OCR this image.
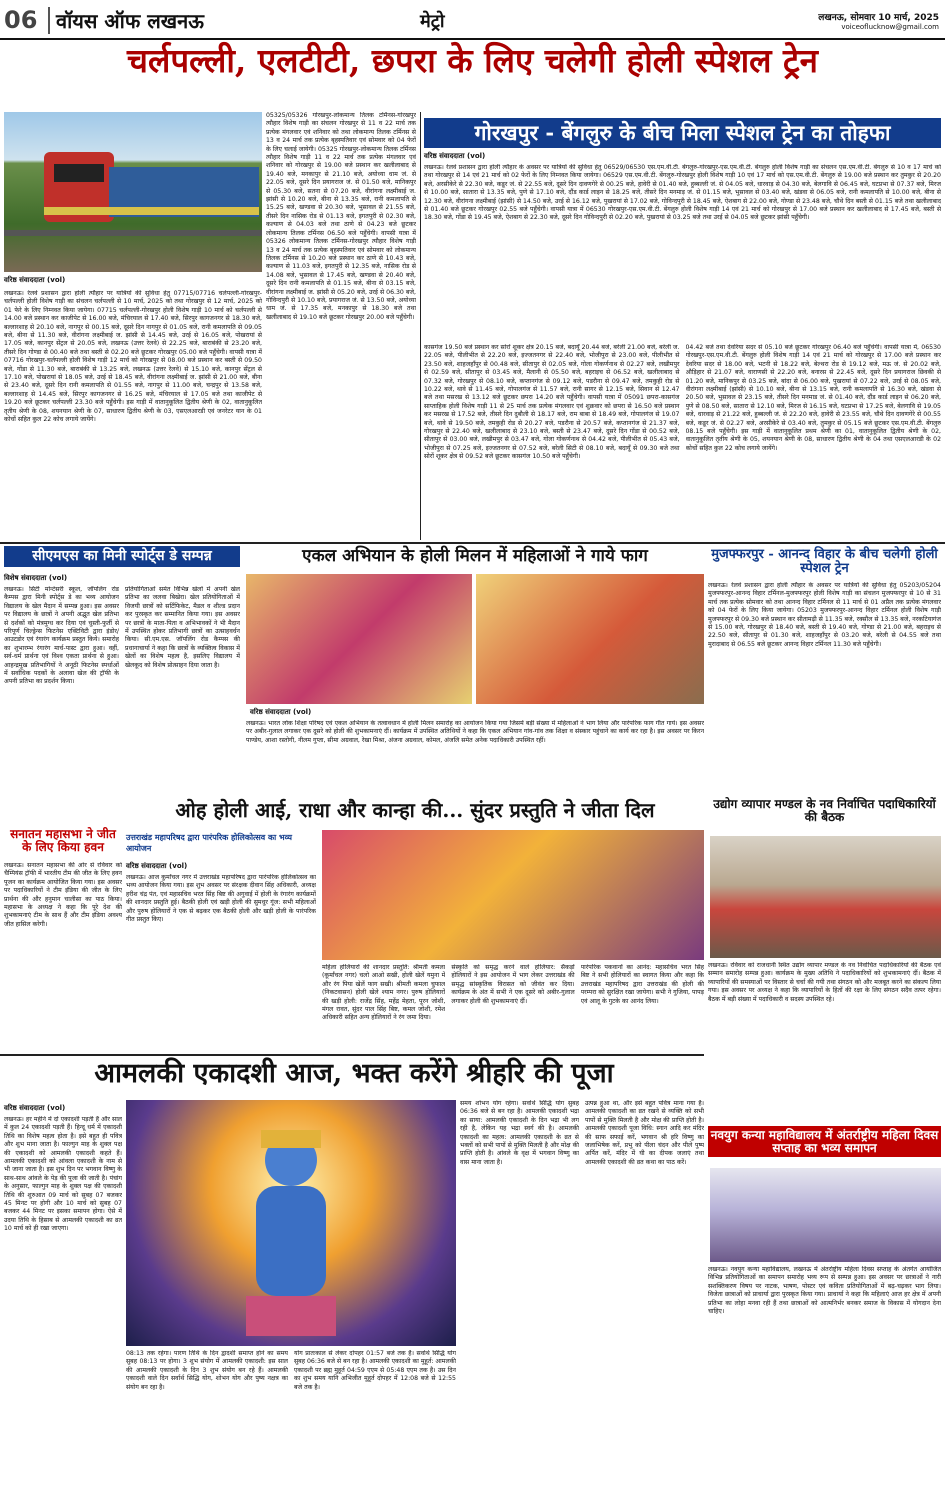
06 वॉयस ऑफ लखनऊ	मेट्रो	लखनऊ, सोमवार 10 मार्च, 2025
voiceoflucknow@gmail.com
चर्लपल्ली, एलटीटी, छपरा के लिए चलेगी होली स्पेशल ट्रेन
वरिष्ठ संवाददाता (vol)

लखनऊ। रेलवे प्रशासन द्वारा होली त्यौहार पर यात्रियों की सुविधा हेतु 07715/07716 चर्लपल्ली-गोरखपुर-चर्लपल्ली होली विशेष गाड़ी का संचलन चर्लपल्ली से 10 मार्च, 2025 को तथा गोरखपुर से 12 मार्च, 2025 को 01 फेरे के लिए निम्नवत किया जायेगा। 07715 चर्लपल्ली-गोरखपुर होली विशेष गाड़ी 10 मार्च को चर्लपल्ली से 14.00 बजे प्रस्थान कर काजीपेट से 16.00 बजे, मंचिरयाल से 17.40 बजे, सिरपुर कागजनगर से 18.30 बजे, बल्लारशाह से 20.10 बजे, नागपुर से 00.15 बजे, दूसरे दिन नागपुर से 01.05 बजे, रानी कमलापति से 09.05 बजे, बीना से 11.30 बजे, वीरांगना लक्ष्मीबाई ज. झांसी से 14.45 बजे, उरई से 16.05 बजे, पोखरायां से 17.05 बजे, कानपुर सेंट्रल से 20.05 बजे, लखनऊ (उत्तर रेलवे) से 22.25 बजे, बाराबंकी से 23.20 बजे, तीसरे दिन गोण्डा से 00.40 बजे तथा बस्ती से 02.20 बजे छूटकर गोरखपुर 05.00 बजे पहुँचेगी। वापसी यात्रा में 07716 गोरखपुर-चर्लपल्ली होली विशेष गाड़ी 12 मार्च को गोरखपुर से 08.00 बजे प्रस्थान कर बस्ती से 09.50 बजे, गोंडा से 11.30 बजे, बाराबंकी से 13.25 बजे, लखनऊ (उत्तर रेलवे) से 15.10 बजे, कानपुर सेंट्रल से 17.10 बजे, पोखरायां से 18.05 बजे, उरई से 18.45 बजे, वीरांगना लक्ष्मीबाई ज. झांसी से 21.00 बजे, बीना से 23.40 बजे, दूसरे दिन रानी कमलापति से 01.55 बजे, नागपुर से 11.00 बजे, चन्द्रपुर से 13.58 बजे, बल्लारशाह से 14.45 बजे, सिरपुर कागजनगर से 16.25 बजे, मंचिरयाल से 17.05 बजे तथा काजीपेट से 19.20 बजे छूटकर चर्लपल्ली 23.30 बजे पहुँचेगी। इस गाड़ी में वातानुकूलित द्वितीय श्रेणी के 02, वातानुकूलित तृतीय श्रेणी के 08, शयनयान श्रेणी के 07, साधारण द्वितीय श्रेणी के 03, एसएलआरडी एवं जनरेटर यान के 01 कोचों सहित कुल 22 कोच लगाये जायेंगे।

05325/05326 गोरखपुर-लोकमान्य तिलक टर्मिनस-गोरखपुर त्यौहार विशेष गाड़ी का संचलन गोरखपुर से 11 व 22 मार्च तक प्रत्येक मंगलवार एवं शनिवार को तथा लोकमान्य तिलक टर्मिनस से 13 व 24 मार्च तक प्रत्येक बृहस्पतिवार एवं सोमवार को 04 फेरों के लिए चलाई जायेगी। 05325 गोरखपुर-लोकमान्य तिलक टर्मिनस त्यौहार विशेष गाड़ी 11 व 22 मार्च तक प्रत्येक मंगलवार एवं शनिवार को गोरखपुर से 19.00 बजे प्रस्थान कर खलीलाबाद से 19.40 बजे, मनकापुर से 21.10 बजे, अयोध्या धाम जं. से 22.05 बजे, दूसरे दिन प्रयागराज जं. से 01.50 बजे, मानिकपुर से 05.30 बजे, सतना से 07.20 बजे, वीरांगना लक्ष्मीबाई ज. झांसी से 10.20 बजे, बीना से 13.35 बजे, रानी कमलापति से 15.25 बजे, खण्डवा से 20.30 बजे, भुसावल से 21.55 बजे, तीसरे दिन नासिक रोड से 01.13 बजे, इगतपुरी से 02.30 बजे, कल्याण से 04.03 बजे तथा ठाणे से 04.23 बजे छूटकर लोकमान्य तिलक टर्मिनस 06.50 बजे पहुँचेगी। वापसी यात्रा में 05326 लोकमान्य तिलक टर्मिनस-गोरखपुर त्यौहार विशेष गाड़ी 13 व 24 मार्च तक प्रत्येक बृहस्पतिवार एवं सोमवार को लोकमान्य तिलक टर्मिनस से 10.20 बजे प्रस्थान कर ठाणे से 10.43 बजे, कल्याण से 11.03 बजे, इगतपुरी से 12.35 बजे, नासिक रोड से 14.08 बजे, भुसावल से 17.45 बजे, खण्डवा से 20.40 बजे, दूसरे दिन रानी कमलापति से 01.15 बजे, बीना से 03.15 बजे, वीरांगना लक्ष्मीबाई ज. झांसी से 05.20 बजे, उरई से 06.30 बजे, गोविन्दपुरी से 10.10 बजे, प्रयागराज जं. से 13.50 बजे, अयोध्या धाम जं. से 17.35 बजे, मनकापुर से 18.30 बजे तथा खलीलाबाद से 19.10 बजे छूटकर गोरखपुर 20.00 बजे पहुँचेगी।

गोरखपुर - बेंगलुरु के बीच मिला स्पेशल ट्रेन का तोहफा
वरिष्ठ संवाददाता (vol)

लखनऊ। रेलवे प्रशासन द्वारा होली त्यौहार के अवसर पर यात्रियों की सुविधा हेतु 06529/06530 एस.एम.वी.टी. बेंगलुरु-गोरखपुर-एस.एम.वी.टी. बेंगलुरु होली विशेष गाड़ी का संचलन एस.एम.वी.टी. बेंगलुरु से 10 व 17 मार्च को तथा गोरखपुर से 14 एवं 21 मार्च को 02 फेरों के लिए निम्नवत किया जायेगा। 06529 एस.एम.वी.टी. बेंगलुरु-गोरखपुर होली विशेष गाड़ी 10 एवं 17 मार्च को एस.एम.वी.टी. बेंगलुरु से 19.00 बजे प्रस्थान कर तुमकुर से 20.20 बजे, अरसीकेरे से 22.30 बजे, कडूर जं. से 22.55 बजे, दूसरे दिन दावणगेरे से 00.25 बजे, हावेरी से 01.40 बजे, हुब्बल्ली जं. से 04.05 बजे, धारवाड़ से 04.30 बजे, बेलगावि से 06.45 बजे, घटप्रभा से 07.37 बजे, मिरज से 10.00 बजे, सातारा से 13.35 बजे, पुणे से 17.10 बजे, दौंड कार्ड लाइन से 18.25 बजे, तीसरे दिन मनमाड़ जं. से 01.15 बजे, भुसावल से 03.40 बजे, खंडवा से 06.05 बजे, रानी कमलापति से 10.00 बजे, बीना से 12.30 बजे, वीरांगना लक्ष्मीबाई (झांसी) से 14.50 बजे, उरई से 16.12 बजे, पुखरायां से 17.02 बजे, गोविन्दपुरी से 18.45 बजे, ऐशबाग से 22.00 बजे, गोण्डा से 23.48 बजे, चौथे दिन बस्ती से 01.15 बजे तथा खलीलाबाद से 01.40 बजे छूटकर गोरखपुर 02.55 बजे पहुँचेगी। वापसी यात्रा में 06530 गोरखपुर-एस.एम.वी.टी. बेंगलुरु होली विशेष गाड़ी 14 एवं 21 मार्च को गोरखपुर से 17.00 बजे प्रस्थान कर खलीलाबाद से 17.45 बजे, बस्ती से 18.30 बजे, गोंडा से 19.45 बजे, ऐशबाग से 22.30 बजे, दूसरे दिन गोविन्दपुरी से 02.20 बजे, पुखरायां से 03.25 बजे तथा उरई से 04.05 बजे छूटकर झांसी पहुँचेगी।

कासगंज 19.50 बजे प्रस्थान कर सोरों शूकर क्षेत्र 20.15 बजे, बदायूँ 20.44 बजे, बरेली 21.00 बजे, बरेली ज. 22.05 बजे, पीलीभीत से 22.20 बजे, इज्जतनगर से 22.40 बजे, भोजीपुरा से 23.00 बजे, पीलीभीत से 23.50 बजे, शाहजहाँपुर से 00.48 बजे, सीतापुर से 02.05 बजे, गोला गोकर्णनाथ से 02.27 बजे, लखीमपुर से 02.59 बजे, सीतापुर से 03.45 बजे, मैलानी से 05.50 बजे, बहराइच से 06.52 बजे, खलीलाबाद से 07.32 बजे, गोरखपुर से 08.10 बजे, कप्तानगंज से 09.12 बजे, पडरौना से 09.47 बजे, तमकुही रोड से 10.22 बजे, थावे से 11.45 बजे, गोपालगंज से 11.57 बजे, रानी सागर से 12.15 बजे, सिवान से 12.47 बजे तथा मसरख से 13.12 बजे छूटकर छपरा 14.20 बजे पहुँचेगी। वापसी यात्रा में 05091 छपरा-कासगंज साप्ताहिक होली विशेष गाड़ी 11 से 25 मार्च तक प्रत्येक मंगलवार एवं शुक्रवार को छपरा से 16.50 बजे प्रस्थान कर मसरख से 17.52 बजे, तीसरे दिन दुबौली से 18.17 बजे, राम बाबा से 18.49 बजे, गोपालगंज से 19.07 बजे, थावे से 19.50 बजे, तमकुही रोड से 20.27 बजे, पडरौना से 20.57 बजे, कप्तानगंज से 21.37 बजे, गोरखपुर से 22.40 बजे, खलीलाबाद से 23.10 बजे, बस्ती से 23.47 बजे, दूसरे दिन गोंडा से 00.52 बजे, सीतापुर से 03.00 बजे, लखीमपुर से 03.47 बजे, गोला गोकर्णनाथ से 04.42 बजे, पीलीभीत से 05.43 बजे, भोजीपुरा से 07.25 बजे, इज्जतनगर से 07.52 बजे, बरेली सिटी से 08.10 बजे, बदायूँ से 09.30 बजे तथा सोरों शूकर क्षेत्र से 09.52 बजे छूटकर कासगंज 10.50 बजे पहुँचेगी।

04.42 बजे तथा देवरिया सदर से 05.10 बजे छूटकर गोरखपुर 06.40 बजे पहुँचेगी। वापसी यात्रा में, 06530 गोरखपुर-एस.एम.वी.टी. बेंगलुरु होली विशेष गाड़ी 14 एवं 21 मार्च को गोरखपुर से 17.00 बजे प्रस्थान कर देवरिया सदर से 18.00 बजे, भटनी से 18.22 बजे, बेल्थरा रोड से 19.12 बजे, मऊ जं. से 20.02 बजे, औड़िहार से 21.07 बजे, वाराणसी से 22.20 बजे, बनारस से 22.45 बजे, दूसरे दिन प्रयागराज छिवकी से 01.20 बजे, मानिकपुर से 03.25 बजे, बांदा से 06.00 बजे, पुखरायां से 07.22 बजे, उरई से 08.05 बजे, वीरांगना लक्ष्मीबाई (झांसी) से 10.10 बजे, बीना से 13.15 बजे, रानी कमलापति से 16.30 बजे, खंडवा से 20.50 बजे, भुसावल से 23.15 बजे, तीसरे दिन मनमाड जं. से 01.40 बजे, दौंड कार्ड लाइन से 06.20 बजे, पुणे से 08.50 बजे, सातारा से 12.10 बजे, मिरज से 16.15 बजे, घटप्रभा से 17.25 बजे, बेलगावि से 19.05 बजे, धारवाड़ से 21.22 बजे, हुब्बल्ली जं. से 22.20 बजे, हावेरी से 23.55 बजे, चौथे दिन दावणगेरे से 00.55 बजे, कडूर जं. से 02.27 बजे, अरसीकेरे से 03.40 बजे, तुमकुर से 05.15 बजे छूटकर एस.एम.वी.टी. बेंगलुरु 08.15 बजे पहुँचेगी। इस गाड़ी में वातानुकूलित प्रथम श्रेणी का 01, वातानुकूलित द्वितीय श्रेणी के 02, वातानुकूलित तृतीय श्रेणी के 05, शयनयान श्रेणी के 08, साधारण द्वितीय श्रेणी के 04 तथा एसएलआरडी के 02 कोचों सहित कुल 22 कोच लगाये जायेंगे।

सीएमएस का मिनी स्पोर्ट्स डे सम्पन्न
विशेष संवाददाता (vol)

लखनऊ। सिटी मोन्टेसरी स्कूल, जॉपलिंग रोड कैम्पस द्वारा मिनी स्पोर्ट्स डे का भव्य आयोजन विद्यालय के खेल मैदान में सम्पन्न हुआ। इस अवसर पर विद्यालय के छात्रों ने अपनी अद्भुत खेल प्रतिभा से दर्शकों को मंत्रमुग्ध कर दिया एवं चुस्ती-फुर्ती से परिपूर्ण चिल्ड्रेन्स फिटनेस एक्टिविटी द्वारा इंडोर/आउटडोर एवं रंगारंग कार्यक्रम प्रस्तुत किये। समारोह का शुभारम्भ रंगारंग मार्च-पास्ट द्वारा हुआ। वहीं, सर्व-धर्म प्रार्थना एवं विश्व एकता प्रार्थना से हुआ। आहन्द्रमुख प्रतिभागियों ने अनूठी फिटनेस स्पर्धाओं में सर्वाधिक पदकों के अलावा खेल की ट्रॉफी के अपनी प्रतिभा का प्रदर्शन किया।

प्रतियोगिताओं समेत विभिन्न खेलों में अपनी खेल प्रतिभा का जलवा बिखेरा। खेल प्रतियोगिताओं में विजयी छात्रों को सर्टिफिकेट, मैडल व शील्ड प्रदान कर पुरस्कृत कर सम्मानित किया गया। इस अवसर पर छात्रों के माता-पिता व अभिभावकों ने भी मैदान में उपस्थित होकर प्रतिभागी छात्रों का उत्साहवर्धन किया। सी.एम.एस. जॉपलिंग रोड कैम्पस की प्रधानाचार्या ने कहा कि छात्रों के व्यक्तित्व विकास में खेलों का विशेष महत्व है, इसलिए विद्यालय में खेलकूद को विशेष प्रोत्साहन दिया जाता है।

सनातन महासभा ने जीत के लिए किया हवन

लखनऊ। सनातन महासभा की ओर से रविवार को चैम्पियंस ट्रॉफी में भारतीय टीम की जीत के लिए हवन पूजन का कार्यक्रम आयोजित किया गया। इस अवसर पर पदाधिकारियों ने टीम इंडिया की जीत के लिए प्रार्थना की और हनुमान चालीसा का पाठ किया। महासभा के अध्यक्ष ने कहा कि पूरे देश की शुभकामनाएं टीम के साथ हैं और टीम इंडिया अवश्य जीत हासिल करेगी।

एकल अभियान के होली मिलन में महिलाओं ने गाये फाग
वरिष्ठ संवाददाता (vol)

लखनऊ। भारत लोक शिक्षा परिषद एवं एकल अभियान के तत्वावधान में होली मिलन समारोह का आयोजन किया गया जिसमें बड़ी संख्या में महिलाओं ने भाग लिया और पारंपरिक फाग गीत गाये। इस अवसर पर अबीर-गुलाल लगाकर एक दूसरे को होली की शुभकामनाएं दीं। कार्यक्रम में उपस्थित अतिथियों ने कहा कि एकल अभियान गांव-गांव तक शिक्षा व संस्कार पहुंचाने का कार्य कर रहा है। इस अवसर पर किरन पाण्डेय, आशा रस्तोगी, नीलम गुप्ता, सीमा अग्रवाल, रेखा मिश्रा, अंजना अग्रवाल, कोमल, अंजलि समेत अनेक पदाधिकारी उपस्थित रहीं।

मुजफ्फरपुर - आनन्द विहार के बीच चलेगी होली स्पेशल ट्रेन

लखनऊ। रेलवे प्रशासन द्वारा होली त्यौहार के अवसर पर यात्रियों की सुविधा हेतु 05203/05204 मुजफ्फरपुर-आनन्द विहार टर्मिनल-मुजफ्फरपुर होली विशेष गाड़ी का संचलन मुजफ्फरपुर से 10 से 31 मार्च तक प्रत्येक सोमवार को तथा आनन्द विहार टर्मिनल से 11 मार्च से 01 अप्रैल तक प्रत्येक मंगलवार को 04 फेरों के लिए किया जायेगा। 05203 मुजफ्फरपुर-आनन्द विहार टर्मिनल होली विशेष गाड़ी मुजफ्फरपुर से 09.30 बजे प्रस्थान कर सीतामढ़ी से 11.35 बजे, रक्सौल से 13.35 बजे, नरकटियागंज से 15.00 बजे, गोरखपुर से 18.40 बजे, बस्ती से 19.40 बजे, गोण्डा से 21.00 बजे, बहराइच से 22.50 बजे, सीतापुर से 01.30 बजे, शाहजहाँपुर से 03.20 बजे, बरेली से 04.55 बजे तथा मुरादाबाद से 06.55 बजे छूटकर आनन्द विहार टर्मिनल 11.30 बजे पहुँचेगी।

उद्योग व्यापार मण्डल के नव निर्वाचित पदाधिकारियों की बैठक

लखनऊ। रविवार को राजधानी स्थित उद्योग व्यापार मण्डल के नव निर्वाचित पदाधिकारियों की बैठक एवं सम्मान समारोह सम्पन्न हुआ। कार्यक्रम के मुख्य अतिथि ने पदाधिकारियों को शुभकामनाएं दीं। बैठक में व्यापारियों की समस्याओं पर विस्तार से चर्चा की गयी तथा संगठन को और मजबूत करने का संकल्प लिया गया। इस अवसर पर अध्यक्ष ने कहा कि व्यापारियों के हितों की रक्षा के लिए संगठन सदैव तत्पर रहेगा। बैठक में बड़ी संख्या में पदाधिकारी व सदस्य उपस्थित रहे।

ओह होली आई, राधा और कान्हा की... सुंदर प्रस्तुति ने जीता दिल
उत्तराखंड महापरिषद द्वारा पारंपरिक होलिकोत्सव का भव्य आयोजन
वरिष्ठ संवाददाता (vol)

लखनऊ। आज कुर्मांचल नगर में उत्तराखंड महापरिषद द्वारा पारंपरिक होलिकोत्सव का भव्य आयोजन किया गया। इस शुभ अवसर पर संरक्षक दीवान सिंह अधिकारी, अध्यक्ष हरीश चंद्र पंत, एवं महासचिव भरत सिंह बिष्ट की अगुवाई में होली के रंगारंग कार्यक्रमों की शानदार प्रस्तुति हुई। बैठकी होली एवं खड़ी होली की सुमधुर गूंज: सभी महिलाओं और पुरुष होलियारों ने एक से बढ़कर एक बैठकी होली और खड़ी होली के पारंपरिक गीत प्रस्तुत किए।

महिला होलियारों की शानदार प्रस्तुति: श्रीमती कमला (कूर्मांचल नगर) चलो आओ सखी, होली खेलें यमुना में और रंग पिया खेलें फाग सखी। श्रीमती कमला चुफाल (निकटवासन) होली खेले श्याम नगर। पुरुष होलियारों की खड़ी होली: राजेंद्र सिंह, महेंद्र मेहता, पूरन जोशी, मंगल रावत, सुंदर पाल सिंह बिष्ट, कमल जोशी, रमेश अधिकारी सहित अन्य होलियारों ने रंग जमा दिया।

संस्कृति को समृद्ध करने वाले होलियार: सैकड़ों होलियारों ने इस आयोजन में भाग लेकर उत्तराखंड की समृद्ध सांस्कृतिक विरासत को जीवंत कर दिया। कार्यक्रम के अंत में सभी ने एक दूसरे को अबीर-गुलाल लगाकर होली की शुभकामनाएं दीं।

पारंपरिक पकवानों का आनंद: महासचिव भरत सिंह बिष्ट ने सभी होलियारों का स्वागत किया और कहा कि उत्तराखंड महापरिषद द्वारा उत्तराखंड की होली की परम्परा को सुरक्षित रखा जायेगा। सभी ने गुजिया, पापड़ एवं आलू के गुटके का आनंद लिया।

नवयुग कन्या महाविद्यालय में अंतर्राष्ट्रीय महिला दिवस सप्ताह का भव्य समापन

लखनऊ। नवयुग कन्या महाविद्यालय, लखनऊ में अंतर्राष्ट्रीय महिला दिवस सप्ताह के अंतर्गत आयोजित विभिन्न प्रतियोगिताओं का समापन समारोह भव्य रूप से सम्पन्न हुआ। इस अवसर पर छात्राओं ने नारी सशक्तिकरण विषय पर नाटक, भाषण, पोस्टर एवं कविता प्रतियोगिताओं में बढ़-चढ़कर भाग लिया। विजेता छात्राओं को प्राचार्या द्वारा पुरस्कृत किया गया। प्राचार्या ने कहा कि महिलाएं आज हर क्षेत्र में अपनी प्रतिभा का लोहा मनवा रही हैं तथा छात्राओं को आत्मनिर्भर बनकर समाज के विकास में योगदान देना चाहिए।

आमलकी एकादशी आज, भक्त करेंगे श्रीहरि की पूजा
वरिष्ठ संवाददाता (vol)

लखनऊ। हर महीने में दो एकादशी पड़ती हैं और साल में कुल 24 एकादशी पड़ती हैं। हिन्दू धर्म में एकादशी तिथि का विशेष महत्व होता है। इसे बहुत ही पवित्र और शुभ माना जाता है। फाल्गुन माह के शुक्ल पक्ष की एकादशी को आमलकी एकादशी कहते हैं। आमलकी एकादशी को आंवला एकादशी के नाम से भी जाना जाता है। इस शुभ दिन पर भगवान विष्णु के साथ-साथ आंवले के पेड़ की पूजा की जाती है। पंचांग के अनुसार, फाल्गुन माह के शुक्ल पक्ष की एकादशी तिथि की शुरुआत 09 मार्च को सुबह 07 बजकर 45 मिनट पर होगी और 10 मार्च को सुबह 07 बजकर 44 मिनट पर इसका समापन होगा। ऐसे में उदया तिथि के हिसाब से आमलकी एकादशी का व्रत 10 मार्च को ही रखा जाएगा।

08:13 तक रहेगा। पारण तिथि के दिन द्वादशी समाप्त होने का समय सुबह 08:13 पर होगा। 3 शुभ संयोग में आमलकी एकादशी: इस साल की आमलकी एकादशी के दिन 3 शुभ संयोग बन रहे हैं। आमलकी एकादशी वाले दिन सर्वार्थ सिद्धि योग, शोभन योग और पुष्य नक्षत्र का संयोग बन रहा है।

योग प्रातःकाल से लेकर दोपहर 01:57 बजे तक है। सर्वार्थ सिद्धि योग सुबह 06:36 बजे से बन रहा है। आमलकी एकादशी का मुहूर्त: आमलकी एकादशी पर ब्रह्म मुहूर्त 04:59 एएम से 05:48 एएम तक है। उस दिन का शुभ समय यानि अभिजीत मुहूर्त दोपहर में 12:08 बजे से 12:55 बजे तक है।

समय शोभन योग रहेगा। सर्वार्थ सिद्धि योग सुबह 06:36 बजे से बन रहा है। आमलकी एकादशी भद्रा का साया: आमलकी एकादशी के दिन भद्रा भी लग रही है, लेकिन यह भद्रा स्वर्ग की है। आमलकी एकादशी का महत्व: आमलकी एकादशी के व्रत से भक्तों को सभी पापों से मुक्ति मिलती है और मोक्ष की प्राप्ति होती है। आंवले के वृक्ष में भगवान विष्णु का वास माना जाता है।

उत्पन्न हुआ था, और इसे बहुत पवित्र माना गया है। आमलकी एकादशी का व्रत रखने से व्यक्ति को सभी पापों से मुक्ति मिलती है और मोक्ष की प्राप्ति होती है। आमलकी एकादशी पूजा विधि: स्नान आदि कर मंदिर की साफ सफाई करें, भगवान श्री हरि विष्णु का जलाभिषेक करें, प्रभु को पीला चंदन और पीले पुष्प अर्पित करें, मंदिर में घी का दीपक जलाएं तथा आमलकी एकादशी की व्रत कथा का पाठ करें।
